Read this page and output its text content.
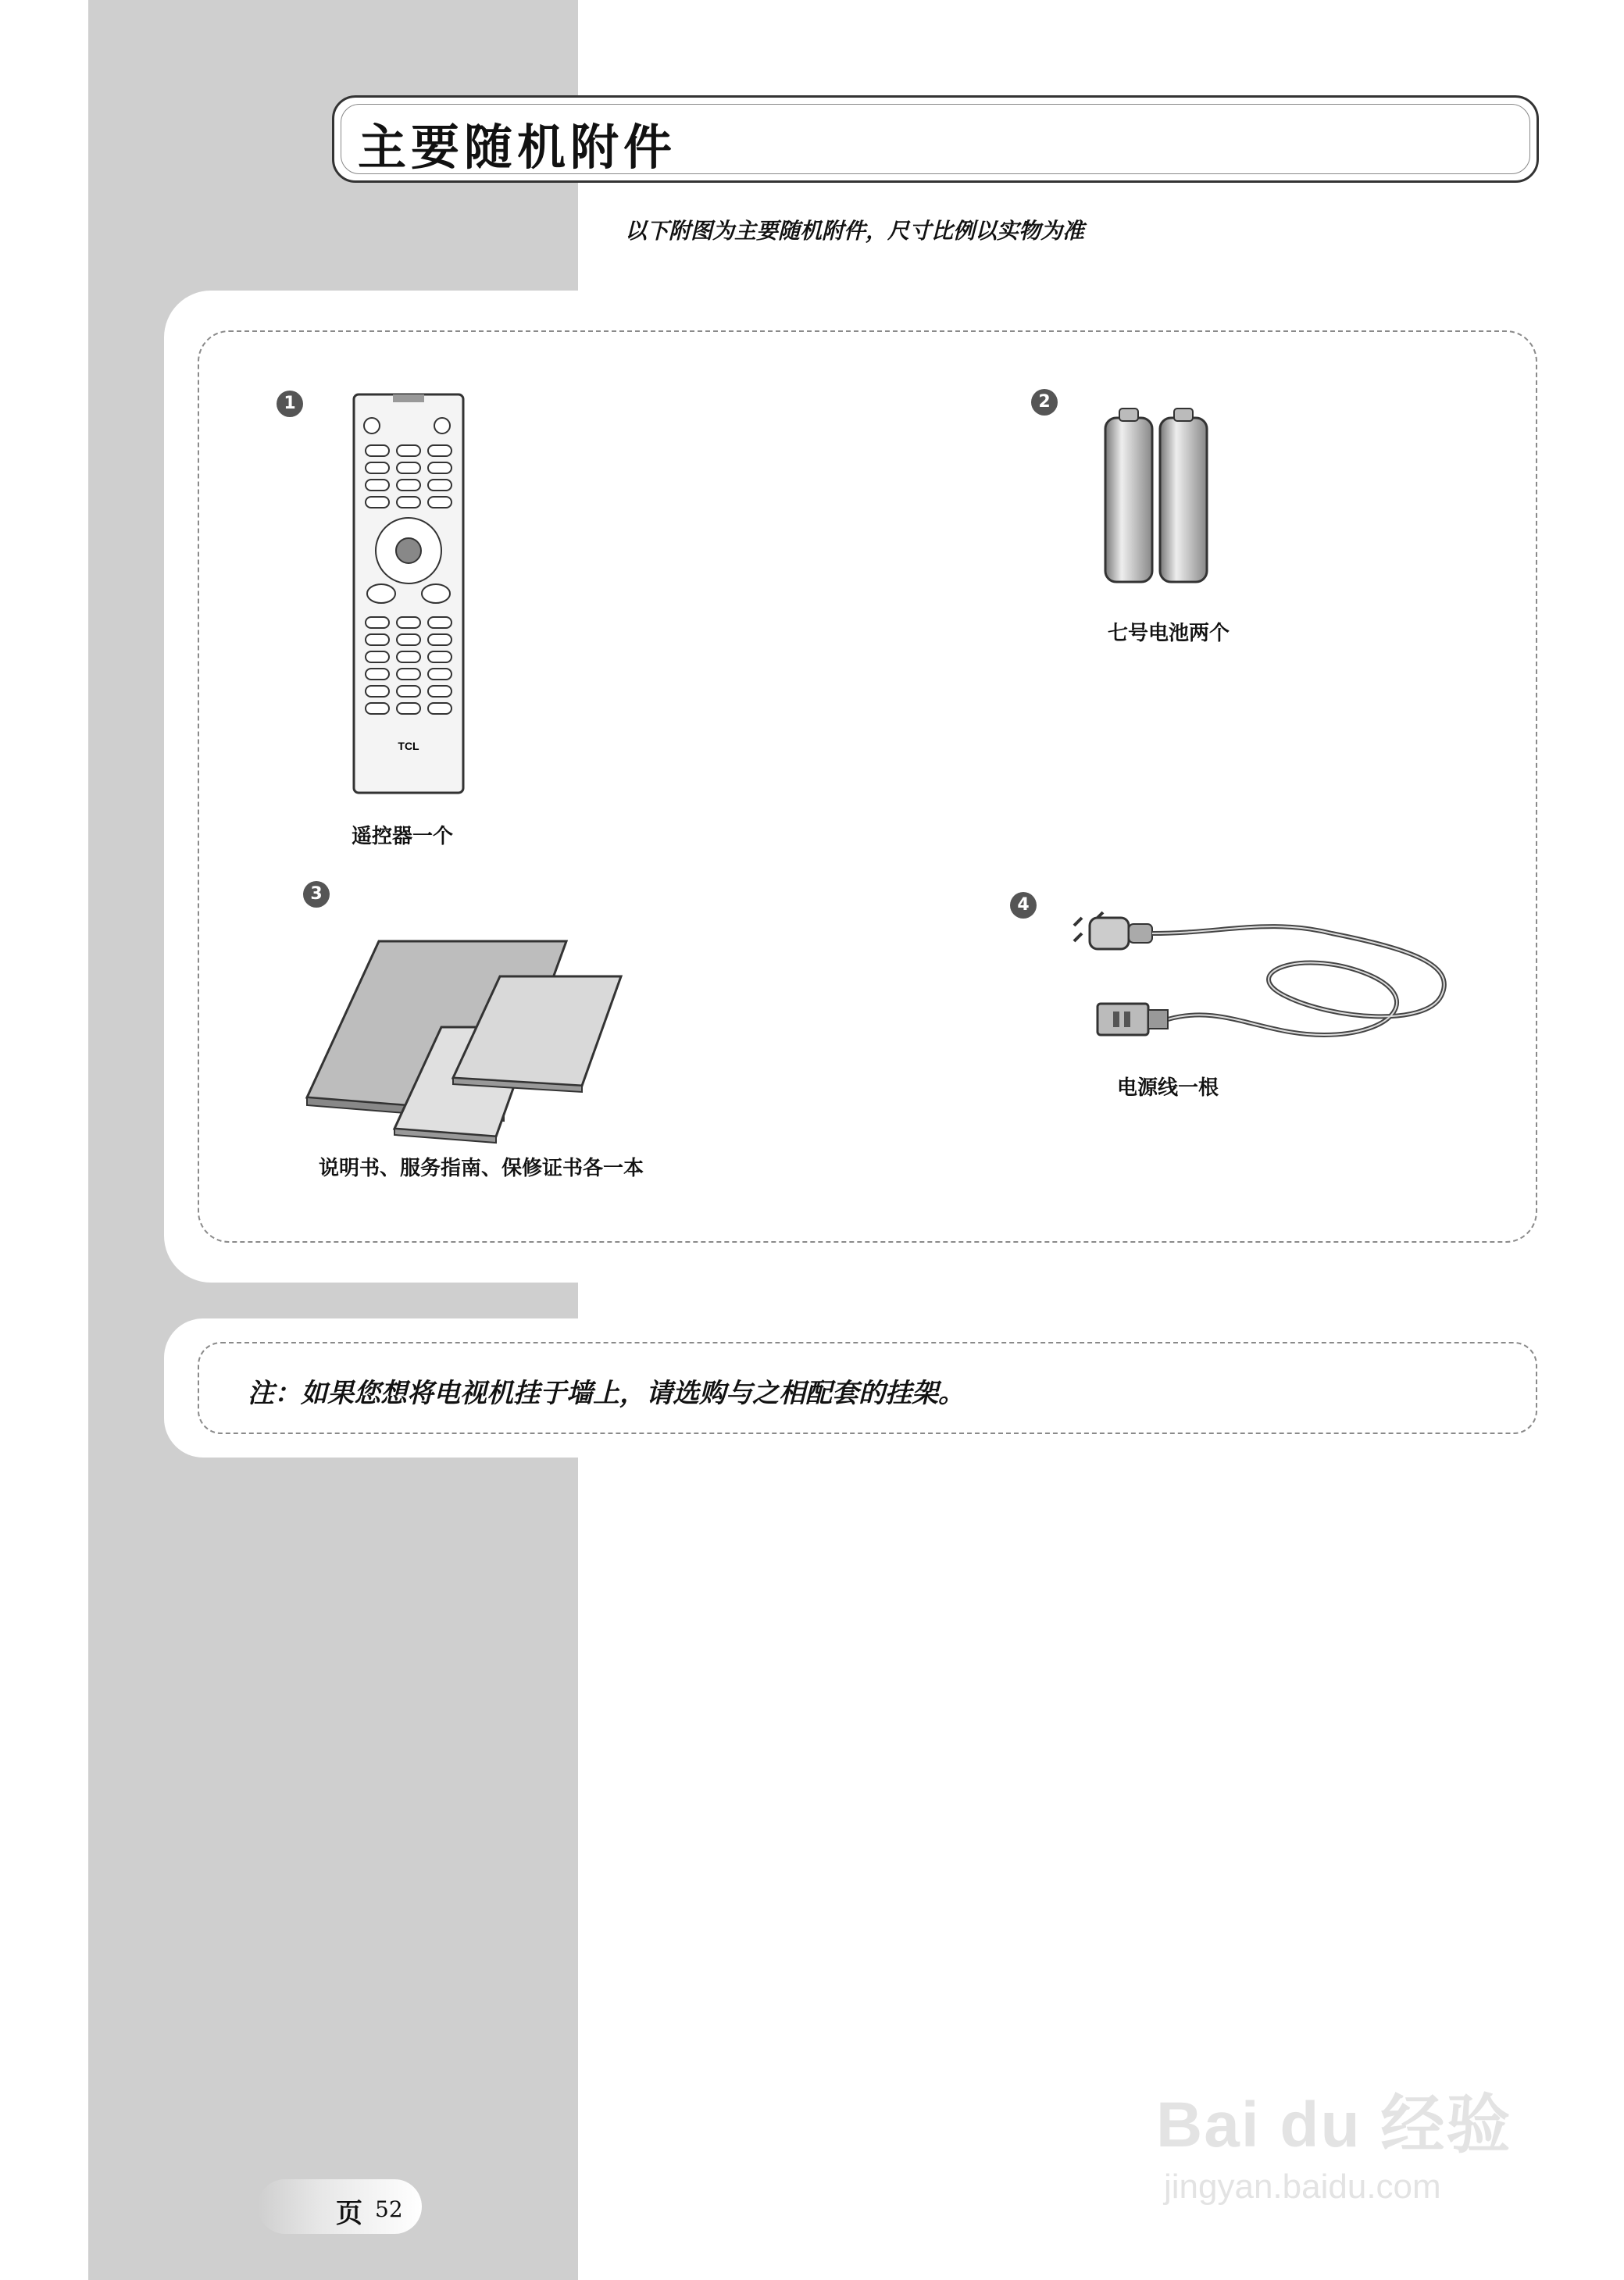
主要随机附件
以下附图为主要随机附件，尺寸比例以实物为准
1
TCL
遥控器一个
2
七号电池两个
3
说明书、服务指南、保修证书各一本
4
电源线一根
注：如果您想将电视机挂于墙上，请选购与之相配套的挂架。
页 52
Bai du 经验
jingyan.baidu.com
